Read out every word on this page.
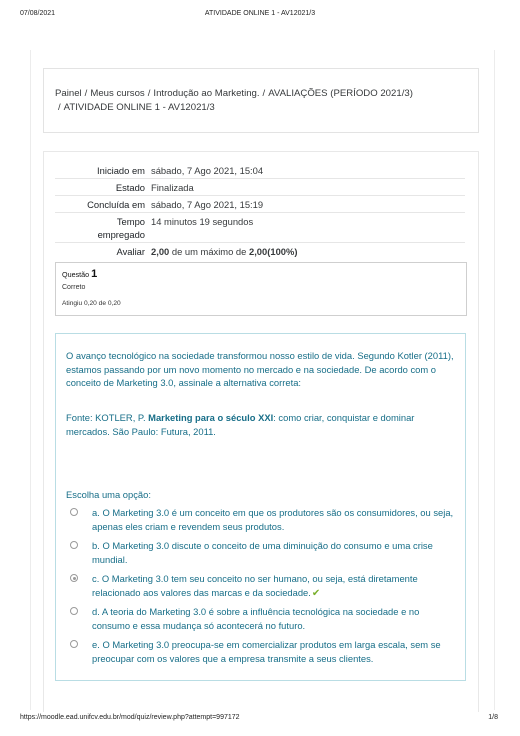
07/08/2021	ATIVIDADE ONLINE 1 - AV12021/3
Painel / Meus cursos / Introdução ao Marketing. / AVALIAÇÕES (PERÍODO 2021/3)
/ ATIVIDADE ONLINE 1 - AV12021/3
Iniciado em sábado, 7 Ago 2021, 15:04
Estado Finalizada
Concluída em sábado, 7 Ago 2021, 15:19
Tempo
empregado
14 minutos 19 segundos
Avaliar 2,00 de um máximo de 2,00(100%)
Questão 1
Correto
Atingiu 0,20 de 0,20
O avanço tecnológico na sociedade transformou nosso estilo de vida. Segundo Kotler (2011), estamos passando por um novo momento no mercado e na sociedade. De acordo com o conceito de Marketing 3.0, assinale a alternativa correta:
Fonte: KOTLER, P. Marketing para o século XXI: como criar, conquistar e dominar mercados. São Paulo: Futura, 2011.
Escolha uma opção:
a. O Marketing 3.0 é um conceito em que os produtores são os consumidores, ou seja, apenas eles criam e revendem seus produtos.
b. O Marketing 3.0 discute o conceito de uma diminuição do consumo e uma crise mundial.
c. O Marketing 3.0 tem seu conceito no ser humano, ou seja, está diretamente relacionado aos valores das marcas e da sociedade.✔
d. A teoria do Marketing 3.0 é sobre a influência tecnológica na sociedade e no consumo e essa mudança só acontecerá no futuro.
e. O Marketing 3.0 preocupa-se em comercializar produtos em larga escala, sem se preocupar com os valores que a empresa transmite a seus clientes.
https://moodle.ead.unifcv.edu.br/mod/quiz/review.php?attempt=997172	1/8
